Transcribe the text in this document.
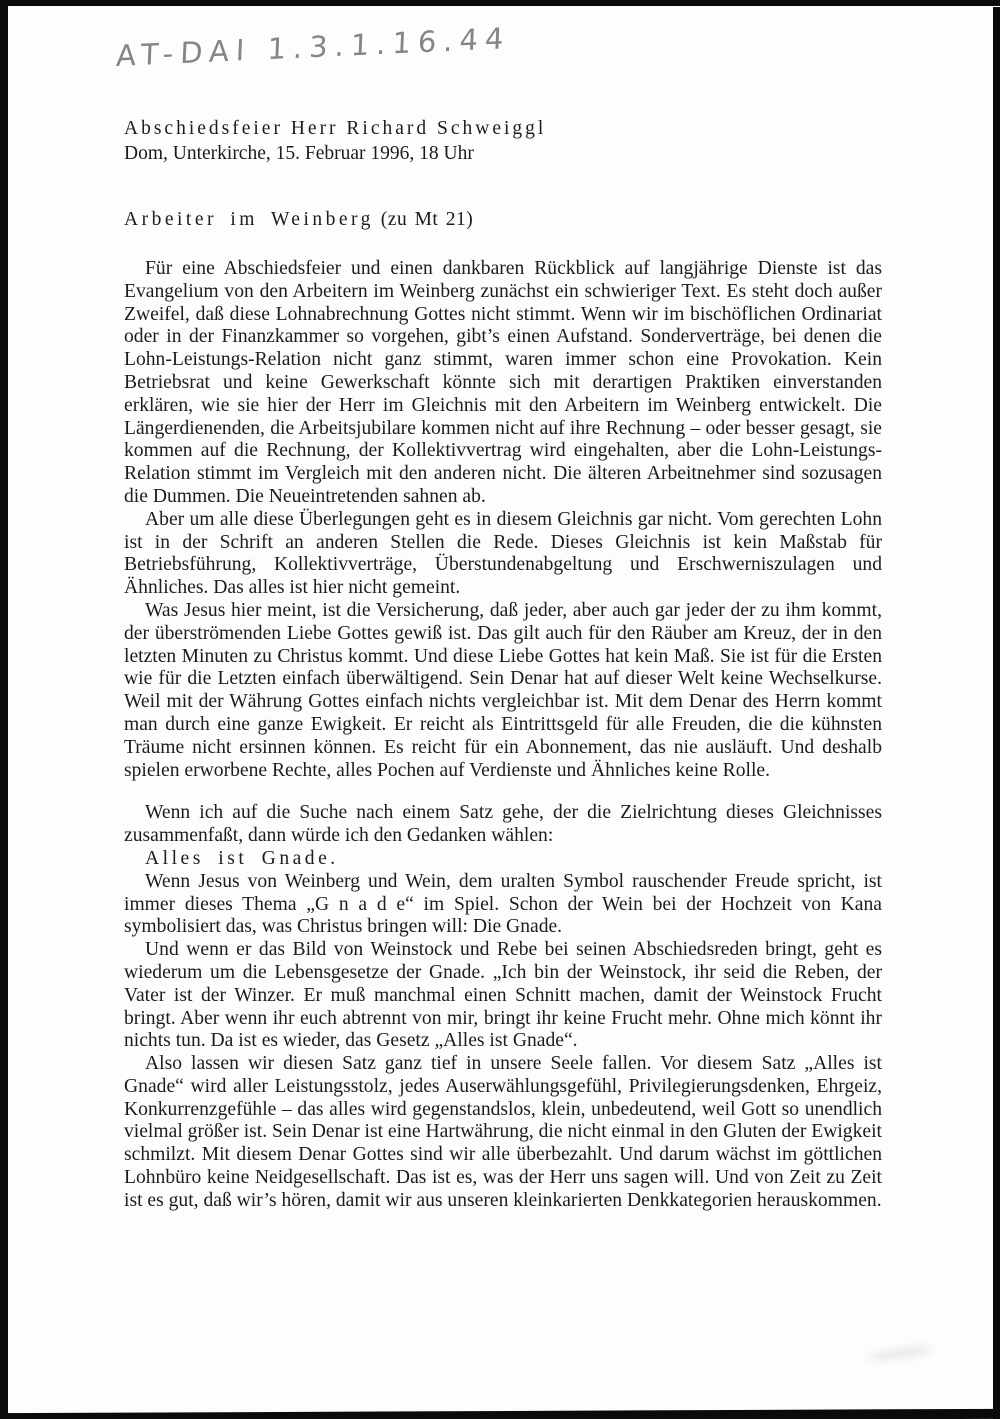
AT-DAI 1.3.1.16.44
Abschiedsfeier Herr Richard Schweiggl
Dom, Unterkirche, 15. Februar 1996, 18 Uhr
Arbeiter im Weinberg (zu Mt 21)

Für eine Abschiedsfeier und einen dankbaren Rückblick auf langjährige Dienste ist das Evangelium von den Arbeitern im Weinberg zunächst ein schwieriger Text. Es steht doch außer Zweifel, daß diese Lohnabrechnung Gottes nicht stimmt. Wenn wir im bischöflichen Ordinariat oder in der Finanzkammer so vorgehen, gibt’s einen Aufstand. Sonderverträge, bei denen die Lohn-Leistungs-Relation nicht ganz stimmt, waren immer schon eine Provokation. Kein Betriebsrat und keine Gewerkschaft könnte sich mit derartigen Praktiken einverstanden erklären, wie sie hier der Herr im Gleichnis mit den Arbeitern im Weinberg entwickelt. Die Längerdienenden, die Arbeitsjubilare kommen nicht auf ihre Rechnung – oder besser gesagt, sie kommen auf die Rechnung, der Kollektivvertrag wird eingehalten, aber die Lohn-Leistungs-Relation stimmt im Vergleich mit den anderen nicht. Die älteren Arbeitnehmer sind sozusagen die Dummen. Die Neueintretenden sahnen ab.

Aber um alle diese Überlegungen geht es in diesem Gleichnis gar nicht. Vom gerechten Lohn ist in der Schrift an anderen Stellen die Rede. Dieses Gleichnis ist kein Maßstab für Betriebsführung, Kollektivverträge, Überstundenabgeltung und Erschwerniszulagen und Ähnliches. Das alles ist hier nicht gemeint.

Was Jesus hier meint, ist die Versicherung, daß jeder, aber auch gar jeder der zu ihm kommt, der überströmenden Liebe Gottes gewiß ist. Das gilt auch für den Räuber am Kreuz, der in den letzten Minuten zu Christus kommt. Und diese Liebe Gottes hat kein Maß. Sie ist für die Ersten wie für die Letzten einfach überwältigend. Sein Denar hat auf dieser Welt keine Wechselkurse. Weil mit der Währung Gottes einfach nichts vergleichbar ist. Mit dem Denar des Herrn kommt man durch eine ganze Ewigkeit. Er reicht als Eintrittsgeld für alle Freuden, die die kühnsten Träume nicht ersinnen können. Es reicht für ein Abonnement, das nie ausläuft. Und deshalb spielen erworbene Rechte, alles Pochen auf Verdienste und Ähnliches keine Rolle.

Wenn ich auf die Suche nach einem Satz gehe, der die Zielrichtung dieses Gleichnisses zusammenfaßt, dann würde ich den Gedanken wählen:

Alles ist Gnade.

Wenn Jesus von Weinberg und Wein, dem uralten Symbol rauschender Freude spricht, ist immer dieses Thema „G n a d e“ im Spiel. Schon der Wein bei der Hochzeit von Kana symbolisiert das, was Christus bringen will: Die Gnade.

Und wenn er das Bild von Weinstock und Rebe bei seinen Abschiedsreden bringt, geht es wiederum um die Lebensgesetze der Gnade. „Ich bin der Weinstock, ihr seid die Reben, der Vater ist der Winzer. Er muß manchmal einen Schnitt machen, damit der Weinstock Frucht bringt. Aber wenn ihr euch abtrennt von mir, bringt ihr keine Frucht mehr. Ohne mich könnt ihr nichts tun. Da ist es wieder, das Gesetz „Alles ist Gnade“.

Also lassen wir diesen Satz ganz tief in unsere Seele fallen. Vor diesem Satz „Alles ist Gnade“ wird aller Leistungsstolz, jedes Auserwählungsgefühl, Privilegierungsdenken, Ehrgeiz, Konkurrenzgefühle – das alles wird gegenstandslos, klein, unbedeutend, weil Gott so unendlich vielmal größer ist. Sein Denar ist eine Hartwährung, die nicht einmal in den Gluten der Ewigkeit schmilzt. Mit diesem Denar Gottes sind wir alle überbezahlt. Und darum wächst im göttlichen Lohnbüro keine Neidgesellschaft. Das ist es, was der Herr uns sagen will. Und von Zeit zu Zeit ist es gut, daß wir’s hören, damit wir aus unseren kleinkarierten Denkkategorien herauskommen.
